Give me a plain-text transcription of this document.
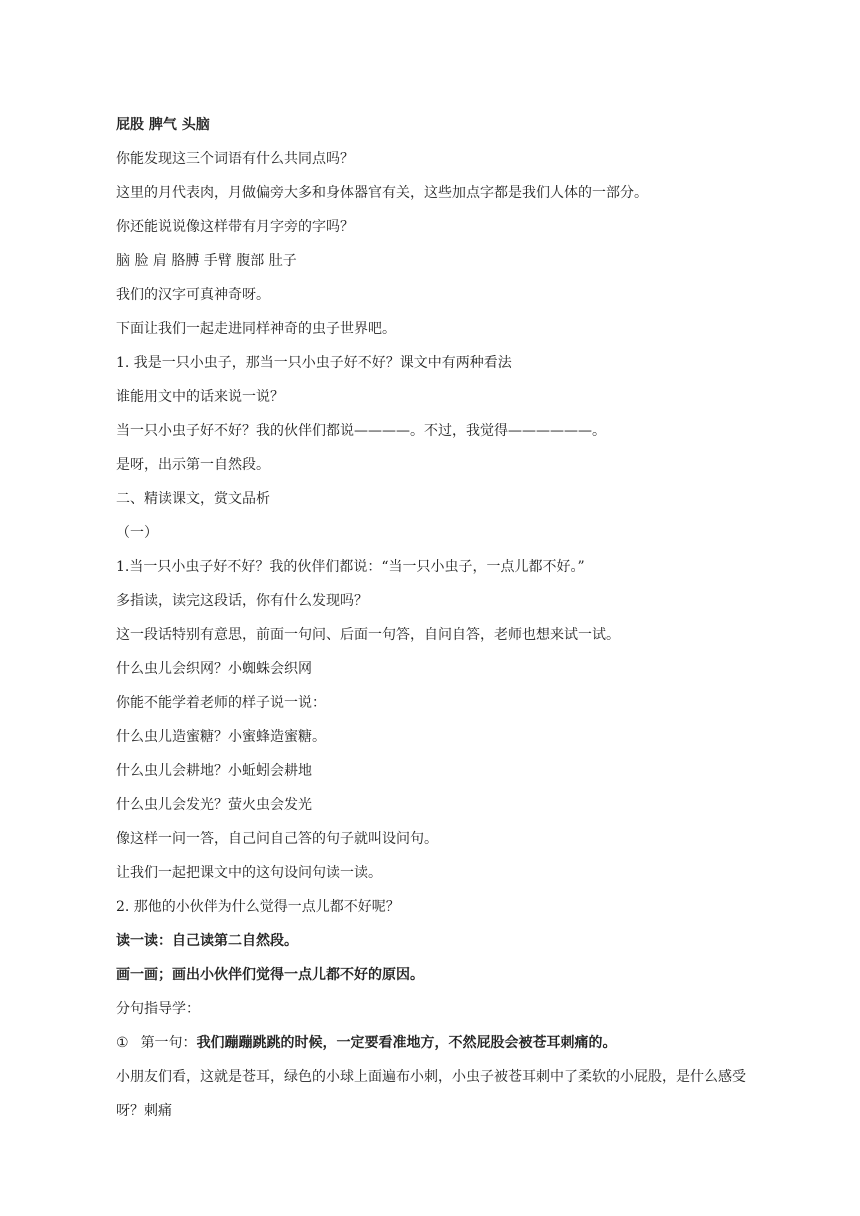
屁股 脾气 头脑
你能发现这三个词语有什么共同点吗？
这里的月代表肉，月做偏旁大多和身体器官有关，这些加点字都是我们人体的一部分。
你还能说说像这样带有月字旁的字吗？
脑 脸 肩 胳膊 手臂 腹部 肚子
我们的汉字可真神奇呀。
下面让我们一起走进同样神奇的虫子世界吧。
1. 我是一只小虫子，那当一只小虫子好不好？课文中有两种看法
谁能用文中的话来说一说？
当一只小虫子好不好？我的伙伴们都说————。不过，我觉得——————。
是呀，出示第一自然段。
二、精读课文，赏文品析
（一）
1.当一只小虫子好不好？我的伙伴们都说：“当一只小虫子，一点儿都不好。”
多指读，读完这段话，你有什么发现吗？
这一段话特别有意思，前面一句问、后面一句答，自问自答，老师也想来试一试。
什么虫儿会织网？小蜘蛛会织网
你能不能学着老师的样子说一说：
什么虫儿造蜜糖？小蜜蜂造蜜糖。
什么虫儿会耕地？小蚯蚓会耕地
什么虫儿会发光？萤火虫会发光
像这样一问一答，自己问自己答的句子就叫设问句。
让我们一起把课文中的这句设问句读一读。
2. 那他的小伙伴为什么觉得一点儿都不好呢？
读一读：自己读第二自然段。
画一画；画出小伙伴们觉得一点儿都不好的原因。
分句指导学：
① 第一句：我们蹦蹦跳跳的时候，一定要看准地方，不然屁股会被苍耳刺痛的。
小朋友们看，这就是苍耳，绿色的小球上面遍布小刺，小虫子被苍耳刺中了柔软的小屁股，是什么感受呀？刺痛
